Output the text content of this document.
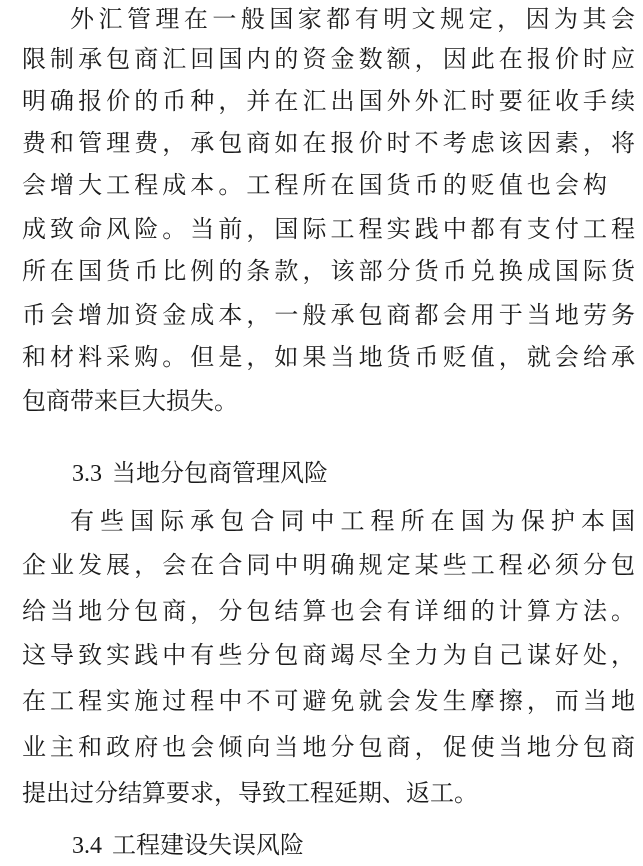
外汇管理在一般国家都有明文规定，因为其会
限制承包商汇回国内的资金数额，因此在报价时应
明确报价的币种，并在汇出国外外汇时要征收手续
费和管理费，承包商如在报价时不考虑该因素，将
会增大工程成本。工程所在国货币的贬值也会构
成致命风险。当前，国际工程实践中都有支付工程
所在国货币比例的条款，该部分货币兑换成国际货
币会增加资金成本，一般承包商都会用于当地劳务
和材料采购。但是，如果当地货币贬值，就会给承
包商带来巨大损失。
3.3 当地分包商管理风险
有些国际承包合同中工程所在国为保护本国
企业发展，会在合同中明确规定某些工程必须分包
给当地分包商，分包结算也会有详细的计算方法。
这导致实践中有些分包商竭尽全力为自己谋好处，
在工程实施过程中不可避免就会发生摩擦，而当地
业主和政府也会倾向当地分包商，促使当地分包商
提出过分结算要求，导致工程延期、返工。
3.4 工程建设失误风险
